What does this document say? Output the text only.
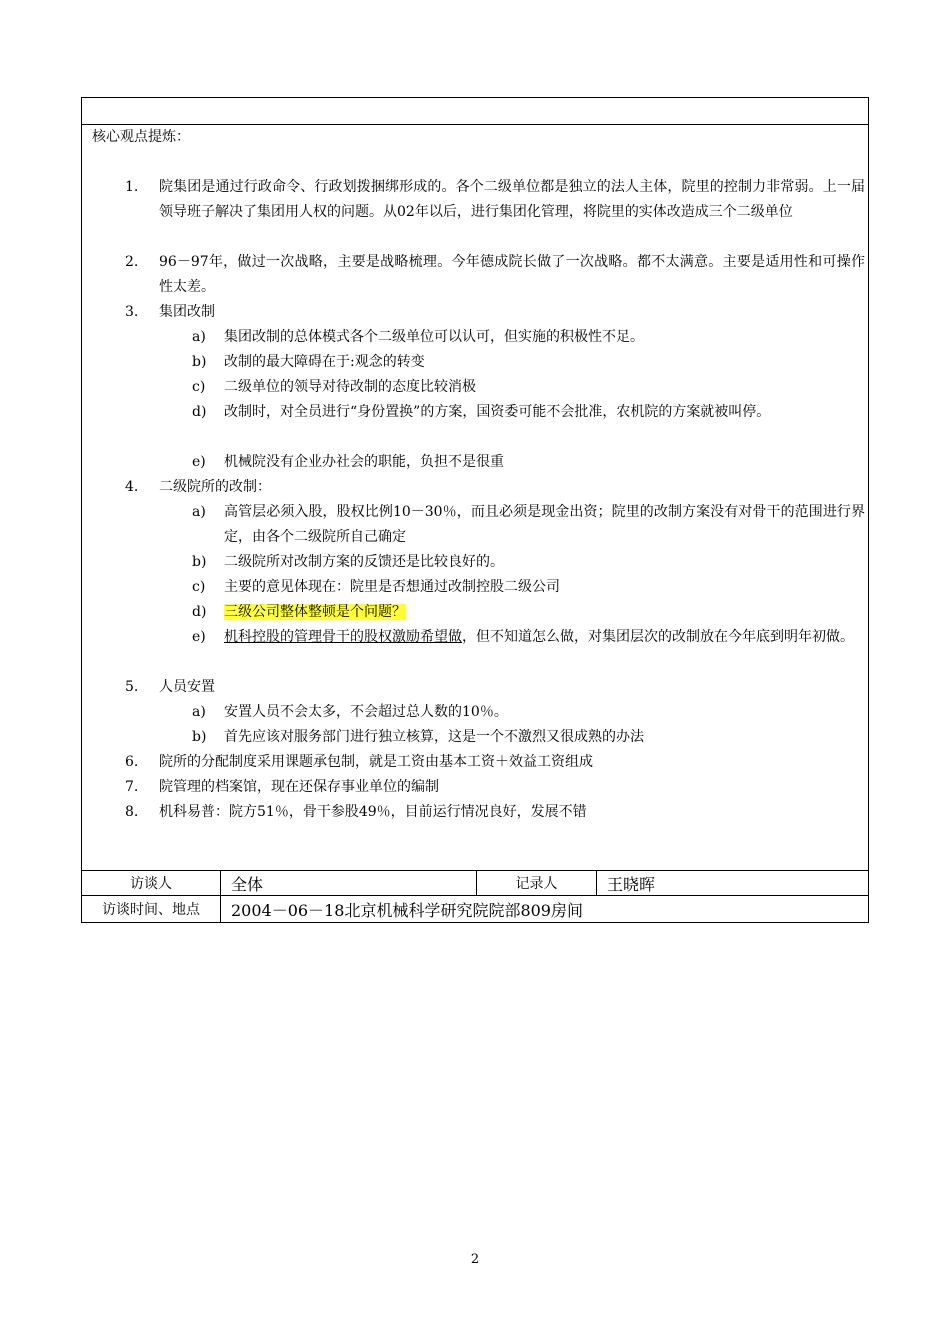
核心观点提炼：
1.	院集团是通过行政命令、行政划拨捆绑形成的。各个二级单位都是独立的法人主体，院里的控制力非常弱。上一届领导班子解决了集团用人权的问题。从02年以后，进行集团化管理，将院里的实体改造成三个二级单位
2.	96－97年，做过一次战略，主要是战略梳理。今年德成院长做了一次战略。都不太满意。主要是适用性和可操作性太差。
3.	集团改制
a)	集团改制的总体模式各个二级单位可以认可，但实施的积极性不足。
b)	改制的最大障碍在于:观念的转变
c)	二级单位的领导对待改制的态度比较消极
d)	改制时，对全员进行“身份置换”的方案，国资委可能不会批准，农机院的方案就被叫停。
e)	机械院没有企业办社会的职能，负担不是很重
4.	二级院所的改制：
a)	高管层必须入股，股权比例10－30％，而且必须是现金出资；院里的改制方案没有对骨干的范围进行界定，由各个二级院所自己确定
b)	二级院所对改制方案的反馈还是比较良好的。
c)	主要的意见体现在：院里是否想通过改制控股二级公司
d)	三级公司整体整顿是个问题？
e)	机科控股的管理骨干的股权激励希望做，但不知道怎么做，对集团层次的改制放在今年底到明年初做。
5.	人员安置
a)	安置人员不会太多，不会超过总人数的10％。
b)	首先应该对服务部门进行独立核算，这是一个不激烈又很成熟的办法
6.	院所的分配制度采用课题承包制，就是工资由基本工资＋效益工资组成
7.	院管理的档案馆，现在还保存事业单位的编制
8.	机科易普：院方51％，骨干参股49％，目前运行情况良好，发展不错
访谈人	全体	记录人	王晓晖
访谈时间、地点	2004－06－18北京机械科学研究院院部809房间
2
